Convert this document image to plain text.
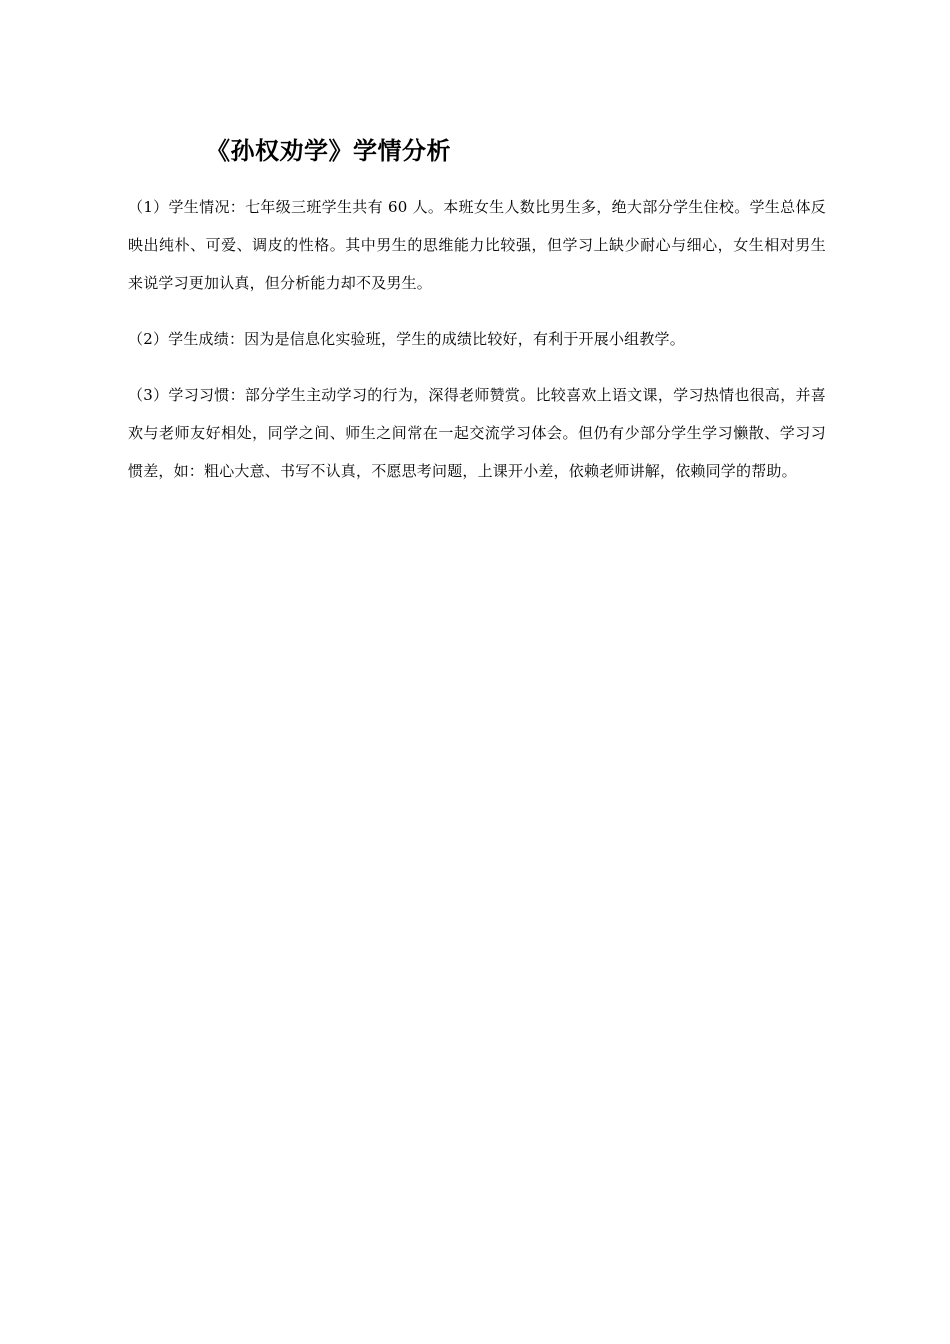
《孙权劝学》学情分析

（1）学生情况：七年级三班学生共有 60 人。本班女生人数比男生多，绝大部分学生住校。学生总体反映出纯朴、可爱、调皮的性格。其中男生的思维能力比较强，但学习上缺少耐心与细心，女生相对男生来说学习更加认真，但分析能力却不及男生。

（2）学生成绩：因为是信息化实验班，学生的成绩比较好，有利于开展小组教学。

（3）学习习惯：部分学生主动学习的行为，深得老师赞赏。比较喜欢上语文课，学习热情也很高，并喜欢与老师友好相处，同学之间、师生之间常在一起交流学习体会。但仍有少部分学生学习懒散、学习习惯差，如：粗心大意、书写不认真，不愿思考问题，上课开小差，依赖老师讲解，依赖同学的帮助。
